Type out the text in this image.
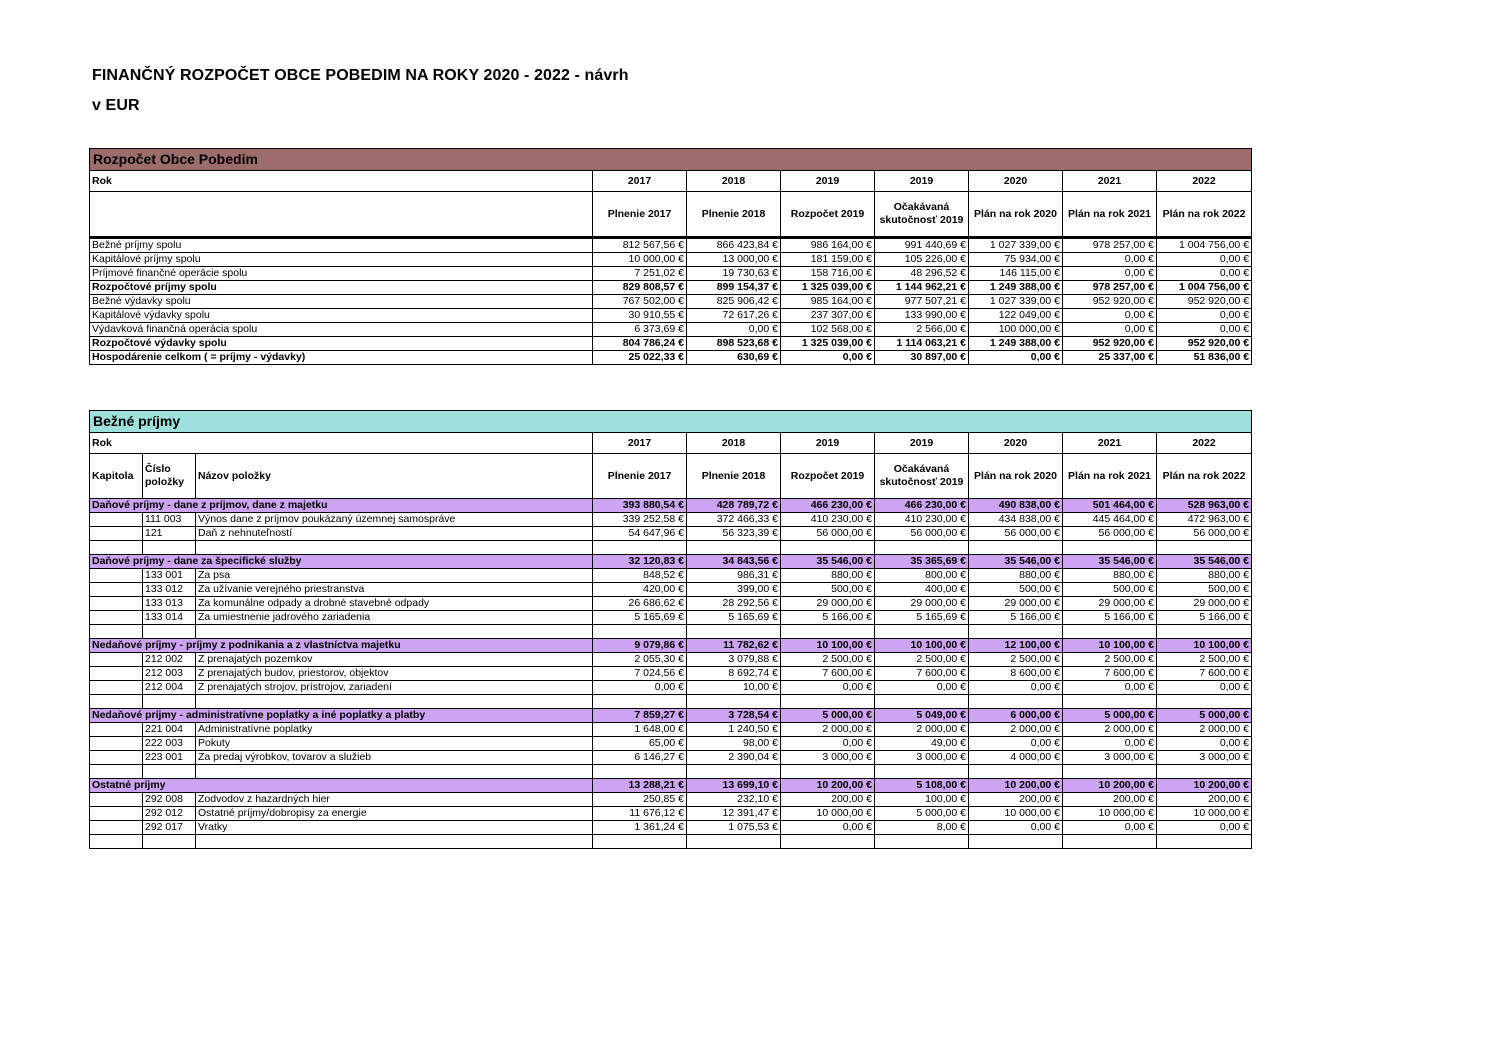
FINANČNÝ ROZPOČET OBCE POBEDIM NA ROKY 2020 - 2022 - návrh
v EUR
Rozpočet Obce Pobedim							
Rok	2017	2018	2019	2019	2020	2021	2022
	Plnenie 2017	Plnenie 2018	Rozpočet 2019	Očakávaná skutočnosť 2019	Plán na rok 2020	Plán na rok 2021	Plán na rok 2022
Bežné príjmy spolu	812 567,56 €	866 423,84 €	986 164,00 €	991 440,69 €	1 027 339,00 €	978 257,00 €	1 004 756,00 €
Kapitálové príjmy spolu	10 000,00 €	13 000,00 €	181 159,00 €	105 226,00 €	75 934,00 €	0,00 €	0,00 €
Príjmové finančné operácie spolu	7 251,02 €	19 730,63 €	158 716,00 €	48 296,52 €	146 115,00 €	0,00 €	0,00 €
Rozpočtové príjmy spolu	829 808,57 €	899 154,37 €	1 325 039,00 €	1 144 962,21 €	1 249 388,00 €	978 257,00 €	1 004 756,00 €
Bežné výdavky spolu	767 502,00 €	825 906,42 €	985 164,00 €	977 507,21 €	1 027 339,00 €	952 920,00 €	952 920,00 €
Kapitálové výdavky spolu	30 910,55 €	72 617,26 €	237 307,00 €	133 990,00 €	122 049,00 €	0,00 €	0,00 €
Výdavková finančná operácia spolu	6 373,69 €	0,00 €	102 568,00 €	2 566,00 €	100 000,00 €	0,00 €	0,00 €
Rozpočtové výdavky spolu	804 786,24 €	898 523,68 €	1 325 039,00 €	1 114 063,21 €	1 249 388,00 €	952 920,00 €	952 920,00 €
Hospodárenie celkom ( = príjmy - výdavky)	25 022,33 €	630,69 €	0,00 €	30 897,00 €	0,00 €	25 337,00 €	51 836,00 €
Bežné príjmy									
Rok			2017	2018	2019	2019	2020	2021	2022
Kapitola	Číslo položky	Názov položky	Plnenie 2017	Plnenie 2018	Rozpočet 2019	Očakávaná skutočnosť 2019	Plán na rok 2020	Plán na rok 2021	Plán na rok 2022
Daňové príjmy - dane z príjmov, dane z majetku			393 880,54 €	428 789,72 €	466 230,00 €	466 230,00 €	490 838,00 €	501 464,00 €	528 963,00 €
	111 003	Výnos dane z príjmov poukázaný územnej samospráve	339 252,58 €	372 466,33 €	410 230,00 €	410 230,00 €	434 838,00 €	445 464,00 €	472 963,00 €
	121	Daň z nehnuteľností	54 647,96 €	56 323,39 €	56 000,00 €	56 000,00 €	56 000,00 €	56 000,00 €	56 000,00 €

Daňové príjmy - dane za špecifické služby			32 120,83 €	34 843,56 €	35 546,00 €	35 365,69 €	35 546,00 €	35 546,00 €	35 546,00 €
	133 001	Za psa	848,52 €	986,31 €	880,00 €	800,00 €	880,00 €	880,00 €	880,00 €
	133 012	Za užívanie verejného priestranstva	420,00 €	399,00 €	500,00 €	400,00 €	500,00 €	500,00 €	500,00 €
	133 013	Za komunálne odpady a drobné stavebné odpady	26 686,62 €	28 292,56 €	29 000,00 €	29 000,00 €	29 000,00 €	29 000,00 €	29 000,00 €
	133 014	Za umiestnenie jadrového zariadenia	5 165,69 €	5 165,69 €	5 166,00 €	5 165,69 €	5 166,00 €	5 166,00 €	5 166,00 €

Nedaňové príjmy - príjmy z podnikania a z vlastníctva majetku			9 079,86 €	11 782,62 €	10 100,00 €	10 100,00 €	12 100,00 €	10 100,00 €	10 100,00 €
	212 002	Z prenajatých pozemkov	2 055,30 €	3 079,88 €	2 500,00 €	2 500,00 €	2 500,00 €	2 500,00 €	2 500,00 €
	212 003	Z prenajatých budov, priestorov, objektov	7 024,56 €	8 692,74 €	7 600,00 €	7 600,00 €	8 600,00 €	7 600,00 €	7 600,00 €
	212 004	Z prenajatých strojov, prístrojov, zariadení	0,00 €	10,00 €	0,00 €	0,00 €	0,00 €	0,00 €	0,00 €

Nedaňové príjmy - administratívne poplatky a iné poplatky a platby			7 859,27 €	3 728,54 €	5 000,00 €	5 049,00 €	6 000,00 €	5 000,00 €	5 000,00 €
	221 004	Administratívne poplatky	1 648,00 €	1 240,50 €	2 000,00 €	2 000,00 €	2 000,00 €	2 000,00 €	2 000,00 €
	222 003	Pokuty	65,00 €	98,00 €	0,00 €	49,00 €	0,00 €	0,00 €	0,00 €
	223 001	Za predaj výrobkov, tovarov a služieb	6 146,27 €	2 390,04 €	3 000,00 €	3 000,00 €	4 000,00 €	3 000,00 €	3 000,00 €

Ostatné príjmy			13 288,21 €	13 699,10 €	10 200,00 €	5 108,00 €	10 200,00 €	10 200,00 €	10 200,00 €
	292 008	Zodvodov z hazardných hier	250,85 €	232,10 €	200,00 €	100,00 €	200,00 €	200,00 €	200,00 €
	292 012	Ostatné príjmy/dobropisy za energie	11 676,12 €	12 391,47 €	10 000,00 €	5 000,00 €	10 000,00 €	10 000,00 €	10 000,00 €
	292 017	Vratky	1 361,24 €	1 075,53 €	0,00 €	8,00 €	0,00 €	0,00 €	0,00 €
